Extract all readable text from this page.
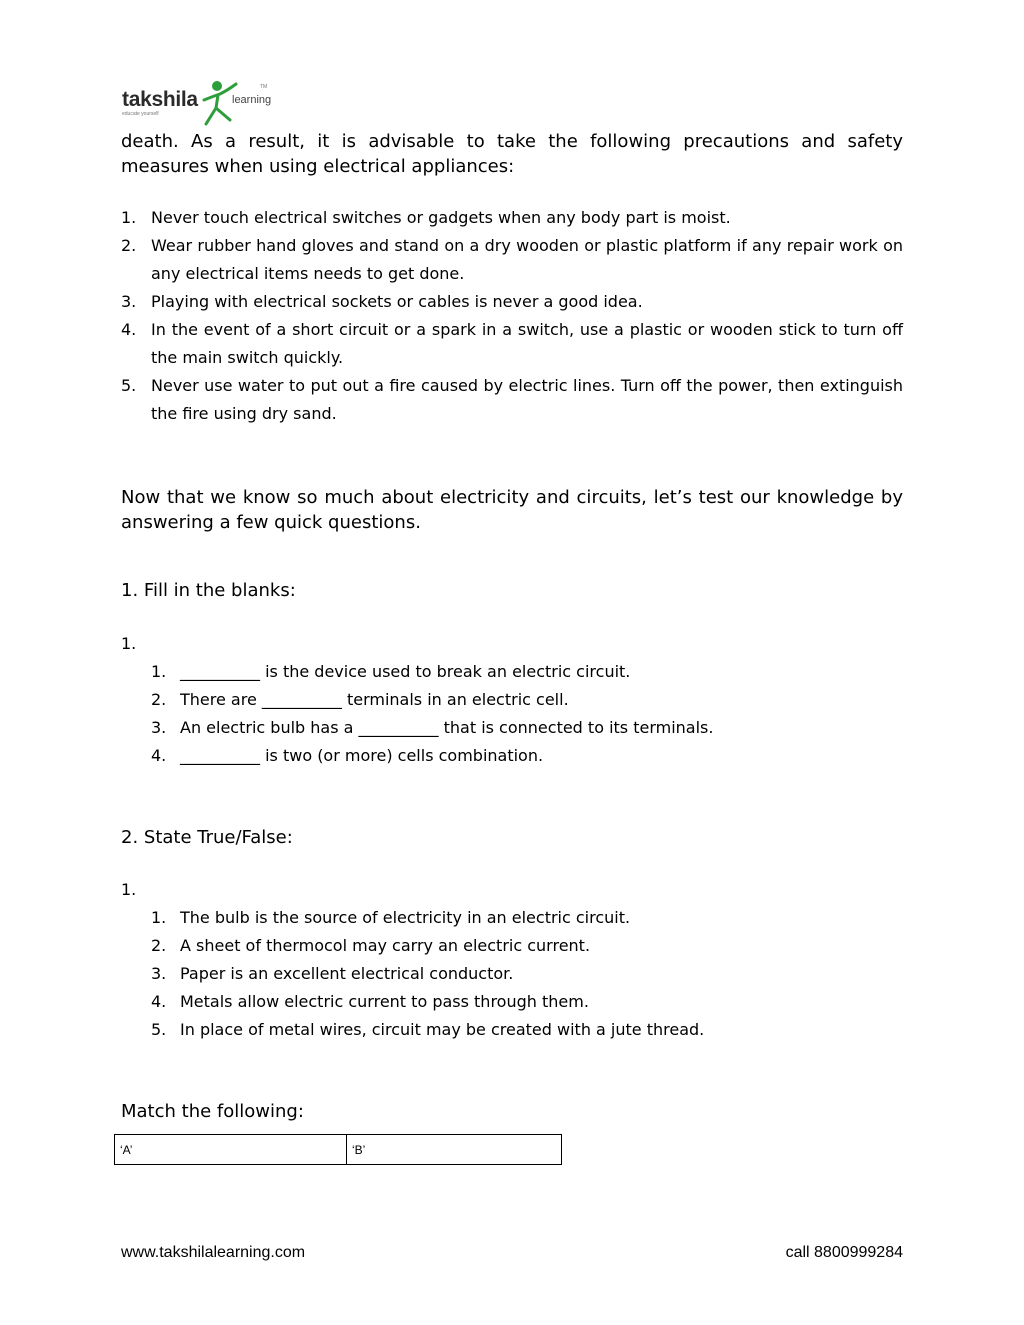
takshila	learning
educate yourself
TM
death. As a result, it is advisable to take the following precautions and safety measures when using electrical appliances:
1. Never touch electrical switches or gadgets when any body part is moist.
2. Wear rubber hand gloves and stand on a dry wooden or plastic platform if any repair work on any electrical items needs to get done.
3. Playing with electrical sockets or cables is never a good idea.
4. In the event of a short circuit or a spark in a switch, use a plastic or wooden stick to turn off the main switch quickly.
5. Never use water to put out a fire caused by electric lines. Turn off the power, then extinguish the fire using dry sand.
Now that we know so much about electricity and circuits, let’s test our knowledge by answering a few quick questions.
1. Fill in the blanks:
1.
1. __________ is the device used to break an electric circuit.
2. There are __________ terminals in an electric cell.
3. An electric bulb has a __________ that is connected to its terminals.
4. __________ is two (or more) cells combination.
2. State True/False:
1.
1. The bulb is the source of electricity in an electric circuit.
2. A sheet of thermocol may carry an electric current.
3. Paper is an excellent electrical conductor.
4. Metals allow electric current to pass through them.
5. In place of metal wires, circuit may be created with a jute thread.
Match the following:
‘A’	‘B’
www.takshilalearning.com	call 8800999284
